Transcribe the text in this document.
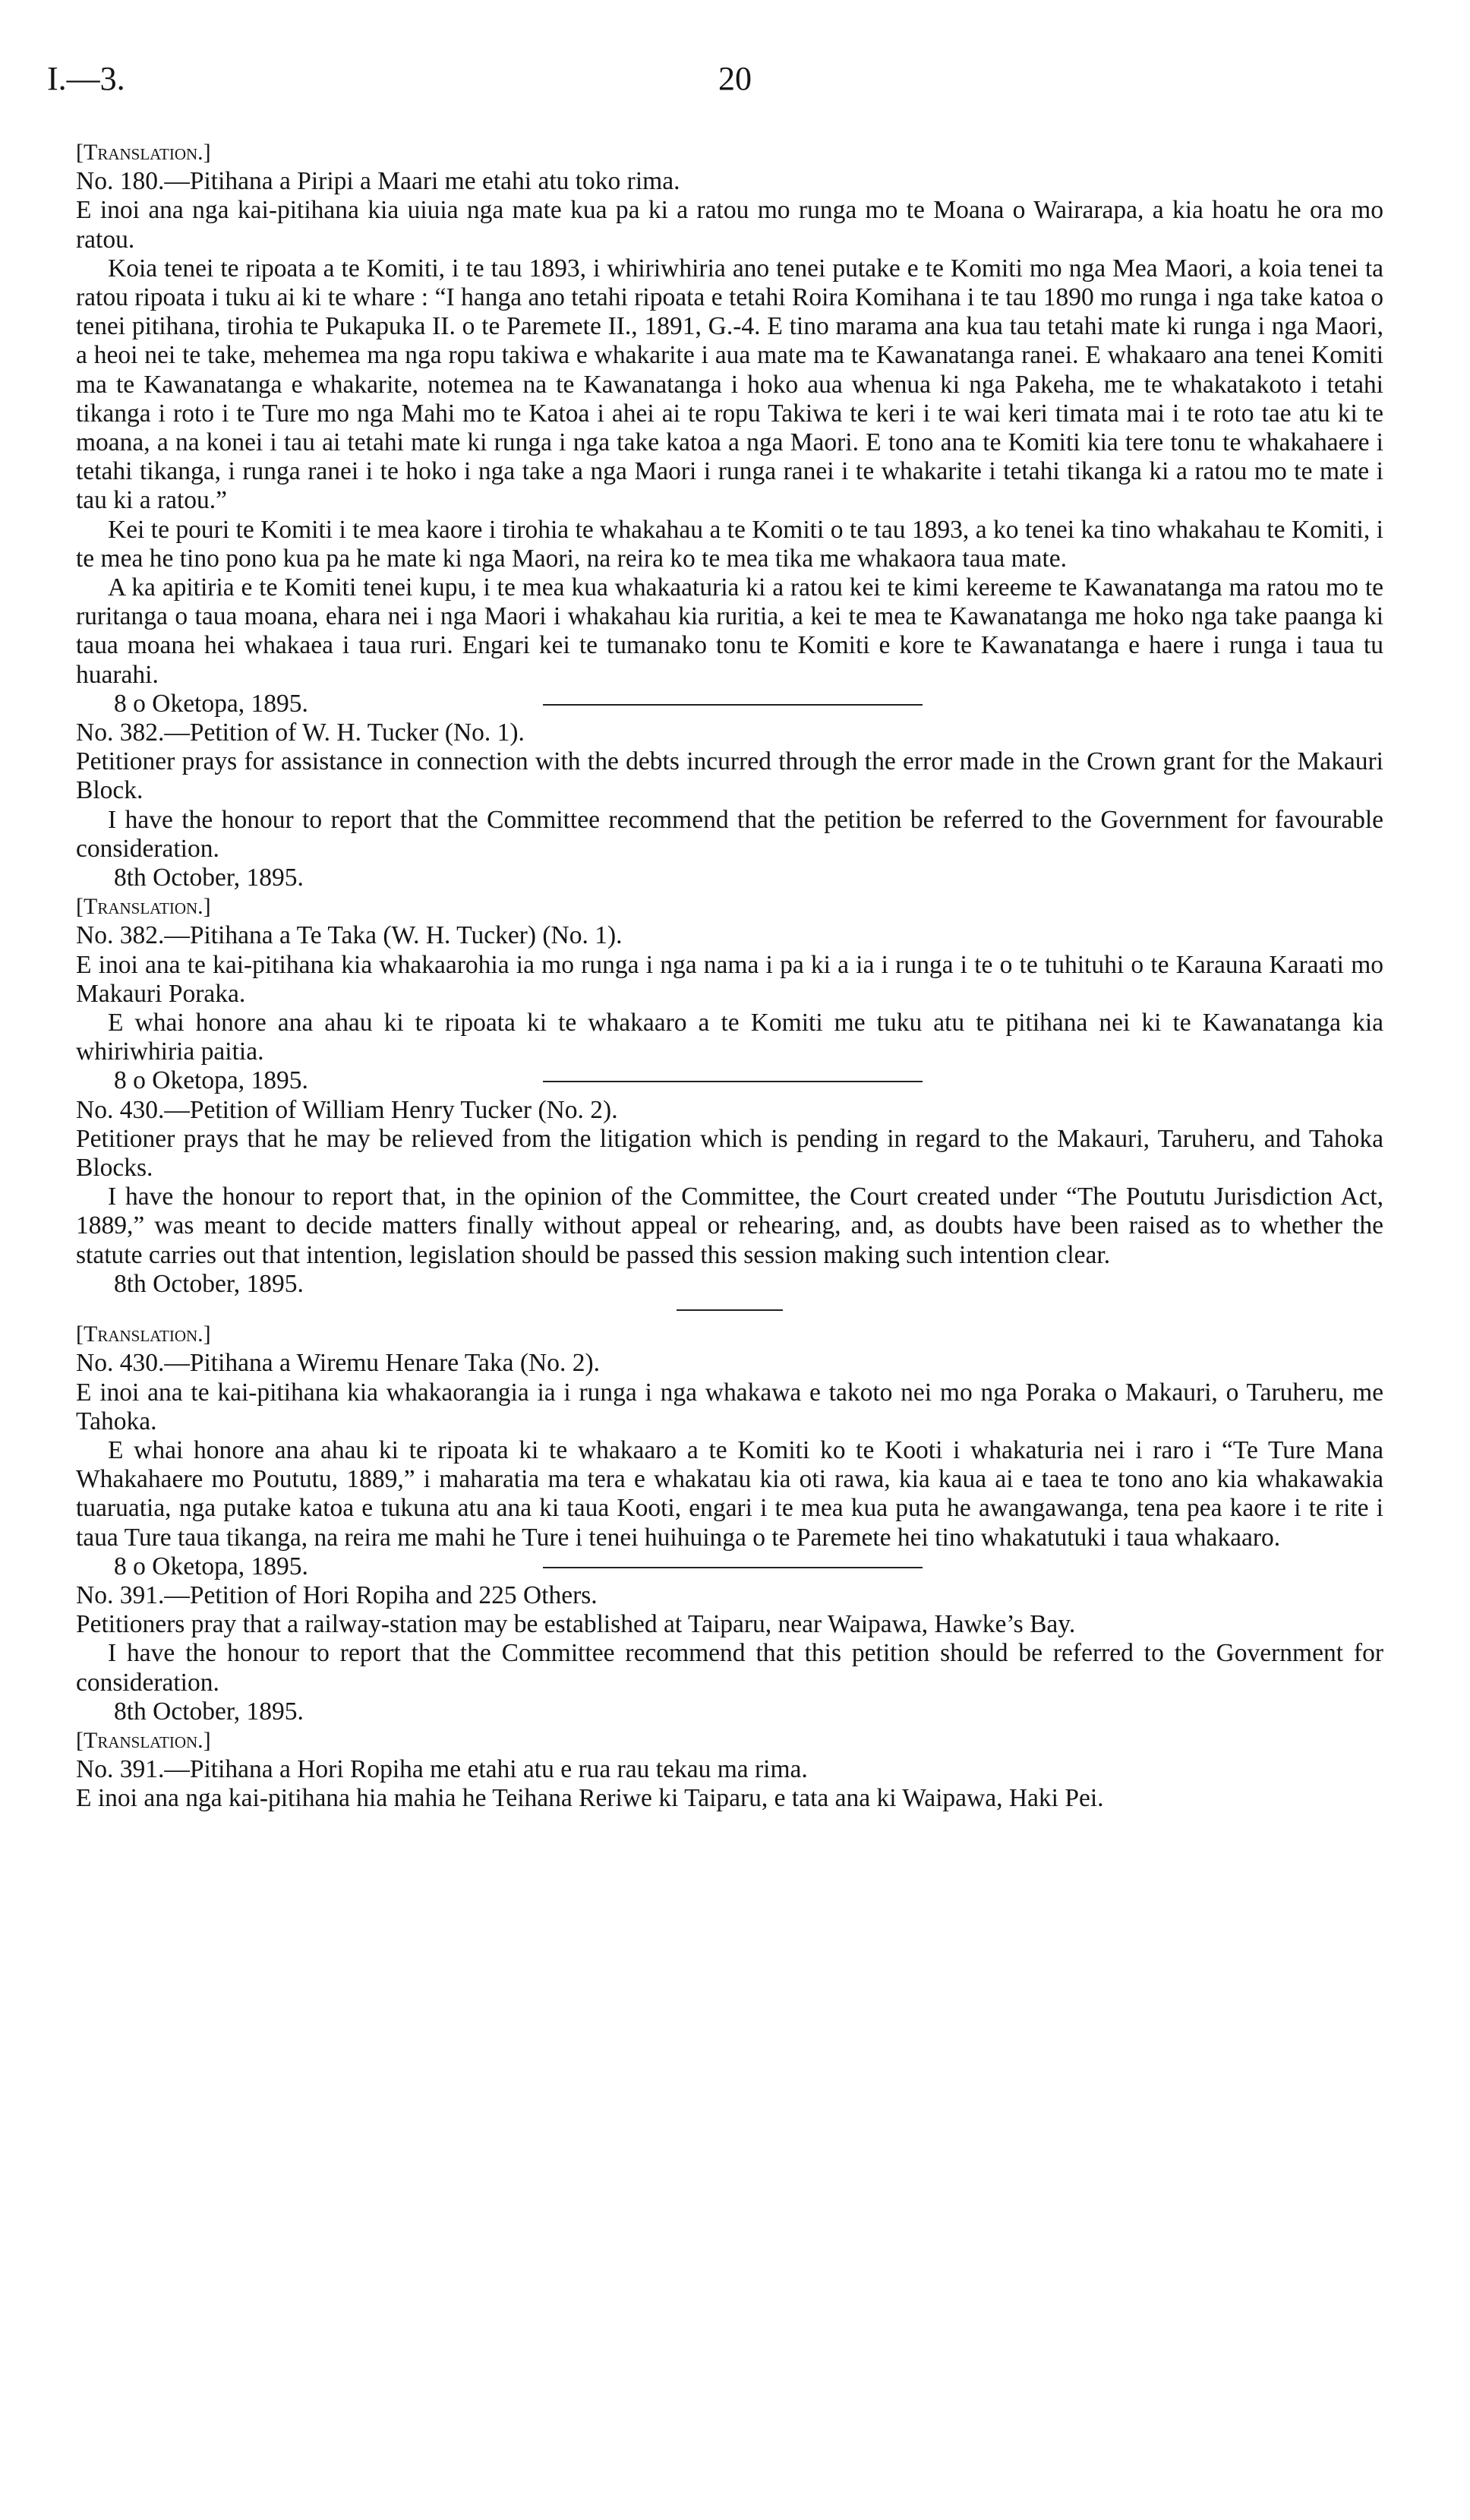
I.—3.	20

[Translation.]

No. 180.—Pitihana a Piripi a Maari me etahi atu toko rima.

E inoi ana nga kai-pitihana kia uiuia nga mate kua pa ki a ratou mo runga mo te Moana o Wairarapa, a kia hoatu he ora mo ratou.

Koia tenei te ripoata a te Komiti, i te tau 1893, i whiriwhiria ano tenei putake e te Komiti mo nga Mea Maori, a koia tenei ta ratou ripoata i tuku ai ki te whare : “I hanga ano tetahi ripoata e tetahi Roira Komihana i te tau 1890 mo runga i nga take katoa o tenei pitihana, tirohia te Pukapuka II. o te Paremete II., 1891, G.-4. E tino marama ana kua tau tetahi mate ki runga i nga Maori, a heoi nei te take, mehemea ma nga ropu takiwa e whakarite i aua mate ma te Kawanatanga ranei. E whakaaro ana tenei Komiti ma te Kawanatanga e whakarite, notemea na te Kawanatanga i hoko aua whenua ki nga Pakeha, me te whakatakoto i tetahi tikanga i roto i te Ture mo nga Mahi mo te Katoa i ahei ai te ropu Takiwa te keri i te wai keri timata mai i te roto tae atu ki te moana, a na konei i tau ai tetahi mate ki runga i nga take katoa a nga Maori. E tono ana te Komiti kia tere tonu te whakahaere i tetahi tikanga, i runga ranei i te hoko i nga take a nga Maori i runga ranei i te whakarite i tetahi tikanga ki a ratou mo te mate i tau ki a ratou.”

Kei te pouri te Komiti i te mea kaore i tirohia te whakahau a te Komiti o te tau 1893, a ko tenei ka tino whakahau te Komiti, i te mea he tino pono kua pa he mate ki nga Maori, na reira ko te mea tika me whakaora taua mate.

A ka apitiria e te Komiti tenei kupu, i te mea kua whakaaturia ki a ratou kei te kimi kereeme te Kawanatanga ma ratou mo te ruritanga o taua moana, ehara nei i nga Maori i whakahau kia ruritia, a kei te mea te Kawanatanga me hoko nga take paanga ki taua moana hei whakaea i taua ruri. Engari kei te tumanako tonu te Komiti e kore te Kawanatanga e haere i runga i taua tu huarahi.

8 o Oketopa, 1895.

No. 382.—Petition of W. H. Tucker (No. 1).

Petitioner prays for assistance in connection with the debts incurred through the error made in the Crown grant for the Makauri Block.

I have the honour to report that the Committee recommend that the petition be referred to the Government for favourable consideration.

8th October, 1895.

[Translation.]

No. 382.—Pitihana a Te Taka (W. H. Tucker) (No. 1).

E inoi ana te kai-pitihana kia whakaarohia ia mo runga i nga nama i pa ki a ia i runga i te o te tuhituhi o te Karauna Karaati mo Makauri Poraka.

E whai honore ana ahau ki te ripoata ki te whakaaro a te Komiti me tuku atu te pitihana nei ki te Kawanatanga kia whiriwhiria paitia.

8 o Oketopa, 1895.

No. 430.—Petition of William Henry Tucker (No. 2).

Petitioner prays that he may be relieved from the litigation which is pending in regard to the Makauri, Taruheru, and Tahoka Blocks.

I have the honour to report that, in the opinion of the Committee, the Court created under “The Poututu Jurisdiction Act, 1889,” was meant to decide matters finally without appeal or rehearing, and, as doubts have been raised as to whether the statute carries out that intention, legislation should be passed this session making such intention clear.

8th October, 1895.

[Translation.]

No. 430.—Pitihana a Wiremu Henare Taka (No. 2).

E inoi ana te kai-pitihana kia whakaorangia ia i runga i nga whakawa e takoto nei mo nga Poraka o Makauri, o Taruheru, me Tahoka.

E whai honore ana ahau ki te ripoata ki te whakaaro a te Komiti ko te Kooti i whakaturia nei i raro i “Te Ture Mana Whakahaere mo Poututu, 1889,” i maharatia ma tera e whakatau kia oti rawa, kia kaua ai e taea te tono ano kia whakawakia tuaruatia, nga putake katoa e tukuna atu ana ki taua Kooti, engari i te mea kua puta he awangawanga, tena pea kaore i te rite i taua Ture taua tikanga, na reira me mahi he Ture i tenei huihuinga o te Paremete hei tino whakatutuki i taua whakaaro.

8 o Oketopa, 1895.

No. 391.—Petition of Hori Ropiha and 225 Others.

Petitioners pray that a railway-station may be established at Taiparu, near Waipawa, Hawke’s Bay.

I have the honour to report that the Committee recommend that this petition should be referred to the Government for consideration.

8th October, 1895.

[Translation.]

No. 391.—Pitihana a Hori Ropiha me etahi atu e rua rau tekau ma rima.

E inoi ana nga kai-pitihana hia mahia he Teihana Reriwe ki Taiparu, e tata ana ki Waipawa, Haki Pei.
